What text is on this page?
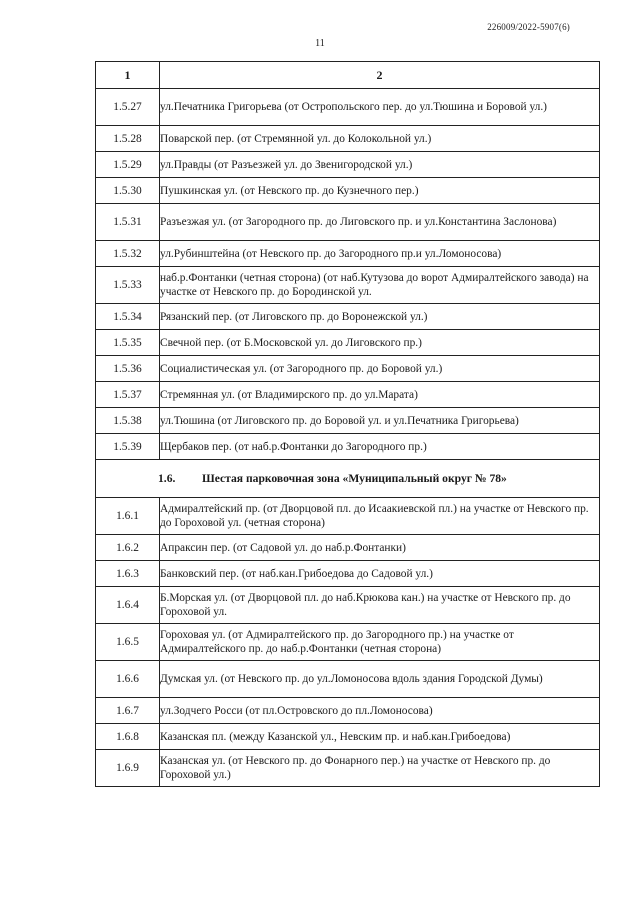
226009/2022-5907(6)
11
1	2
1.5.27	ул.Печатника Григорьева (от Остропольского пер. до ул.Тюшина и Боровой ул.)
1.5.28	Поварской пер. (от Стремянной ул. до Колокольной ул.)
1.5.29	ул.Правды (от Разъезжей ул. до Звенигородской ул.)
1.5.30	Пушкинская ул. (от Невского пр. до Кузнечного пер.)
1.5.31	Разъезжая ул. (от Загородного пр. до Лиговского пр. и ул.Константина Заслонова)
1.5.32	ул.Рубинштейна (от Невского пр. до Загородного пр.и ул.Ломоносова)
1.5.33	наб.р.Фонтанки (четная сторона) (от наб.Кутузова до ворот Адмиралтейского завода) на участке от Невского пр. до Бородинской ул.
1.5.34	Рязанский пер. (от Лиговского пр. до Воронежской ул.)
1.5.35	Свечной пер. (от Б.Московской ул. до Лиговского пр.)
1.5.36	Социалистическая ул. (от Загородного пр. до Боровой ул.)
1.5.37	Стремянная ул. (от Владимирского пр. до ул.Марата)
1.5.38	ул.Тюшина (от Лиговского пр. до Боровой ул. и ул.Печатника Григорьева)
1.5.39	Щербаков пер. (от наб.р.Фонтанки до Загородного пр.)
1.6. Шестая парковочная зона «Муниципальный округ № 78»	
1.6.1	Адмиралтейский пр. (от Дворцовой пл. до Исаакиевской пл.) на участке от Невского пр. до Гороховой ул. (четная сторона)
1.6.2	Апраксин пер. (от Садовой ул. до наб.р.Фонтанки)
1.6.3	Банковский пер. (от наб.кан.Грибоедова до Садовой ул.)
1.6.4	Б.Морская ул. (от Дворцовой пл. до наб.Крюкова кан.) на участке от Невского пр. до Гороховой ул.
1.6.5	Гороховая ул. (от Адмиралтейского пр. до Загородного пр.) на участке от Адмиралтейского пр. до наб.р.Фонтанки (четная сторона)
1.6.6	Думская ул. (от Невского пр. до ул.Ломоносова вдоль здания Городской Думы)
1.6.7	ул.Зодчего Росси (от пл.Островского до пл.Ломоносова)
1.6.8	Казанская пл. (между Казанской ул., Невским пр. и наб.кан.Грибоедова)
1.6.9	Казанская ул. (от Невского пр. до Фонарного пер.) на участке от Невского пр. до Гороховой ул.)
